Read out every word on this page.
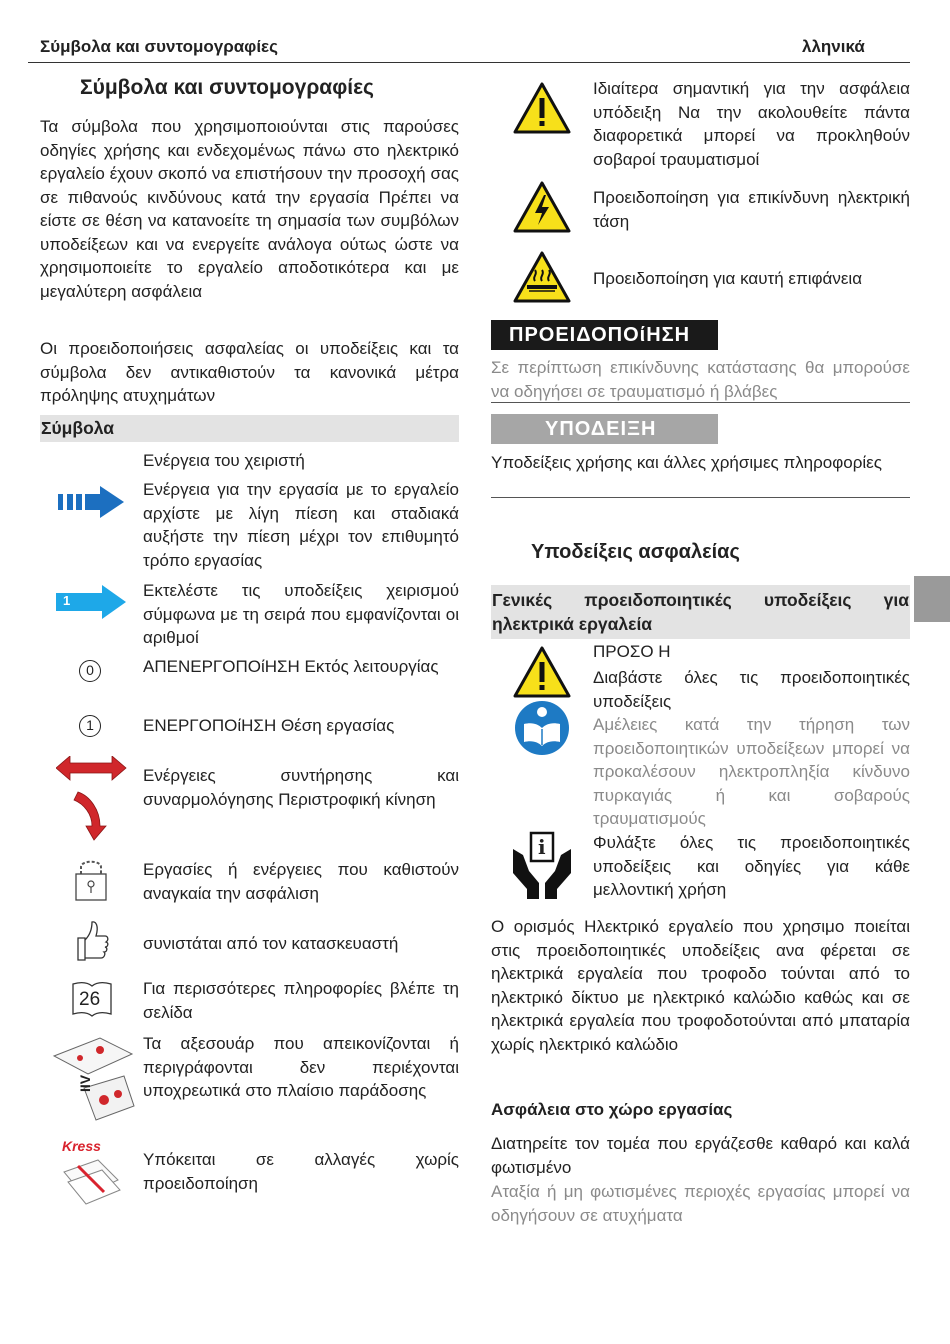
Σύμβολα και συντομογραφίες	λληνικά
Σύμβολα και συντομογραφίες
Τα σύμβολα που χρησιμοποιούνται στις παρούσες οδηγίες χρήσης και ενδεχομένως πάνω στο ηλεκτρικό εργαλείο έχουν σκοπό να επιστήσουν την προσοχή σας σε πιθανούς κινδύνους κατά την εργασία Πρέπει να είστε σε θέση να κατανοείτε τη σημασία των συμβόλων υποδείξεων και να ενεργείτε ανάλογα ούτως ώστε να χρησιμοποιείτε το εργαλείο αποδοτικότερα και με μεγαλύτερη ασφάλεια
Οι προειδοποιήσεις ασφαλείας οι υποδείξεις και τα σύμβολα δεν αντικαθιστούν τα κανονικά μέτρα πρόληψης ατυχημάτων
Σύμβολα
Ενέργεια του χειριστή
Ενέργεια για την εργασία με το εργαλείο αρχίστε με λίγη πίεση και σταδιακά αυξήστε την πίεση μέχρι τον επιθυμητό τρόπο εργασίας
1
Εκτελέστε τις υποδείξεις χειρισμού σύμφωνα με τη σειρά που εμφανίζονται οι αριθμοί
0	ΑΠΕΝΕΡΓΟΠΟίΗΣΗ Εκτός λειτουργίας
1	ΕΝΕΡΓΟΠΟίΗΣΗ Θέση εργασίας
Ενέργειες συντήρησης και συναρμολόγησης Περιστροφική κίνηση
Εργασίες ή ενέργειες που καθιστούν αναγκαία την ασφάλιση
συνιστάται από τον κατασκευαστή
26
Για περισσότερες πληροφορίες βλέπε τη σελίδα
IIV
Τα αξεσουάρ που απεικονίζονται ή περιγράφονται δεν περιέχονται υποχρεωτικά στο πλαίσιο παράδοσης
Kress
Υπόκειται σε αλλαγές χωρίς προειδοποίηση
Ιδιαίτερα σημαντική για την ασφάλεια υπόδειξη Να την ακολουθείτε πάντα διαφορετικά μπορεί να προκληθούν σοβαροί τραυματισμοί
Προειδοποίηση για επικίνδυνη ηλεκτρική τάση
Προειδοποίηση για καυτή επιφάνεια
ΠΡΟΕΙΔΟΠΟίΗΣΗ
Σε περίπτωση επικίνδυνης κατάστασης θα μπορούσε να οδηγήσει σε τραυματισμό ή βλάβες
ΥΠΟΔΕΙΞΗ
Υποδείξεις χρήσης και άλλες χρήσιμες πληροφορίες
Υποδείξεις ασφαλείας
Γενικές προειδοποιητικές υποδείξεις για ηλεκτρικά εργαλεία
ΠΡΟΣΟ Η
Διαβάστε όλες τις προειδοποιητικές υποδείξεις
Αμέλειες κατά την τήρηση των προειδοποιητικών υποδείξεων μπορεί να προκαλέσουν ηλεκτροπληξία κίνδυνο πυρκαγιάς ή και σοβαρούς τραυματισμούς
i	Φυλάξτε όλες τις προειδοποιητικές υποδείξεις και οδηγίες για κάθε μελλοντική χρήση
Ο ορισμός Ηλεκτρικό εργαλείο που χρησιμο ποιείται στις προειδοποιητικές υποδείξεις ανα φέρεται σε ηλεκτρικά εργαλεία που τροφοδο τούνται από το ηλεκτρικό δίκτυο με ηλεκτρικό καλώδιο καθώς και σε ηλεκτρικά εργαλεία που τροφοδοτούνται από μπαταρία χωρίς ηλεκτρικό καλώδιο
Ασφάλεια στο χώρο εργασίας
Διατηρείτε τον τομέα που εργάζεσθε καθαρό και καλά φωτισμένο
Αταξία ή μη φωτισμένες περιοχές εργασίας μπορεί να οδηγήσουν σε ατυχήματα
